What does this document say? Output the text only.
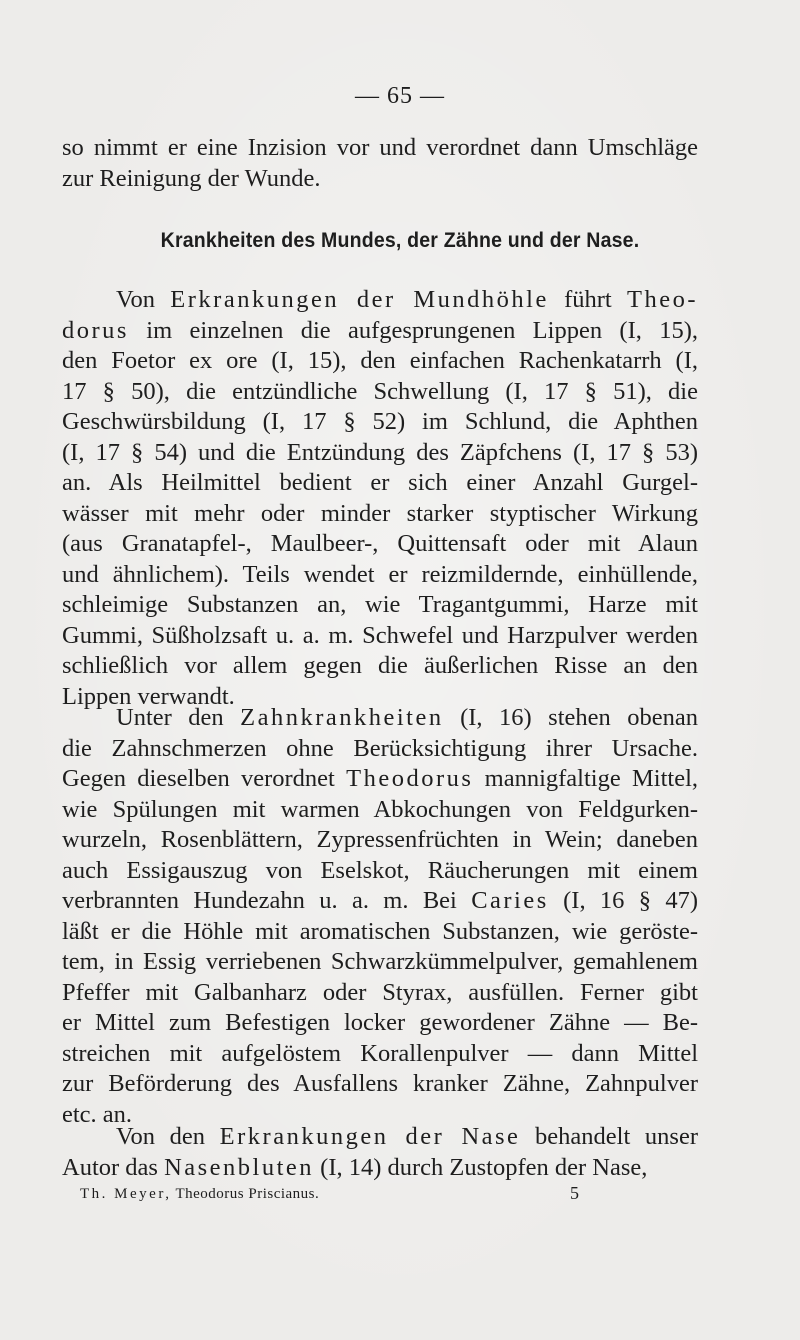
— 65 —
so nimmt er eine Inzision vor und verordnet dann Umschläge
zur Reinigung der Wunde.
Krankheiten des Mundes, der Zähne und der Nase.
Von Erkrankungen der Mundhöhle führt Theo-
dorus im einzelnen die aufgesprungenen Lippen (I, 15),
den Foetor ex ore (I, 15), den einfachen Rachenkatarrh (I,
17 § 50), die entzündliche Schwellung (I, 17 § 51), die
Geschwürsbildung (I, 17 § 52) im Schlund, die Aphthen
(I, 17 § 54) und die Entzündung des Zäpfchens (I, 17 § 53)
an. Als Heilmittel bedient er sich einer Anzahl Gurgel-
wässer mit mehr oder minder starker styptischer Wirkung
(aus Granatapfel-, Maulbeer-, Quittensaft oder mit Alaun
und ähnlichem). Teils wendet er reizmildernde, einhüllende,
schleimige Substanzen an, wie Tragantgummi, Harze mit
Gummi, Süßholzsaft u. a. m. Schwefel und Harzpulver werden
schließlich vor allem gegen die äußerlichen Risse an den
Lippen verwandt.
Unter den Zahnkrankheiten (I, 16) stehen obenan
die Zahnschmerzen ohne Berücksichtigung ihrer Ursache.
Gegen dieselben verordnet Theodorus mannigfaltige Mittel,
wie Spülungen mit warmen Abkochungen von Feldgurken-
wurzeln, Rosenblättern, Zypressenfrüchten in Wein; daneben
auch Essigauszug von Eselskot, Räucherungen mit einem
verbrannten Hundezahn u. a. m. Bei Caries (I, 16 § 47)
läßt er die Höhle mit aromatischen Substanzen, wie geröste-
tem, in Essig verriebenen Schwarzkümmelpulver, gemahlenem
Pfeffer mit Galbanharz oder Styrax, ausfüllen. Ferner gibt
er Mittel zum Befestigen locker gewordener Zähne — Be-
streichen mit aufgelöstem Korallenpulver — dann Mittel
zur Beförderung des Ausfallens kranker Zähne, Zahnpulver
etc. an.
Von den Erkrankungen der Nase behandelt unser
Autor das Nasenbluten (I, 14) durch Zustopfen der Nase,
Th. Meyer, Theodorus Priscianus.	5
